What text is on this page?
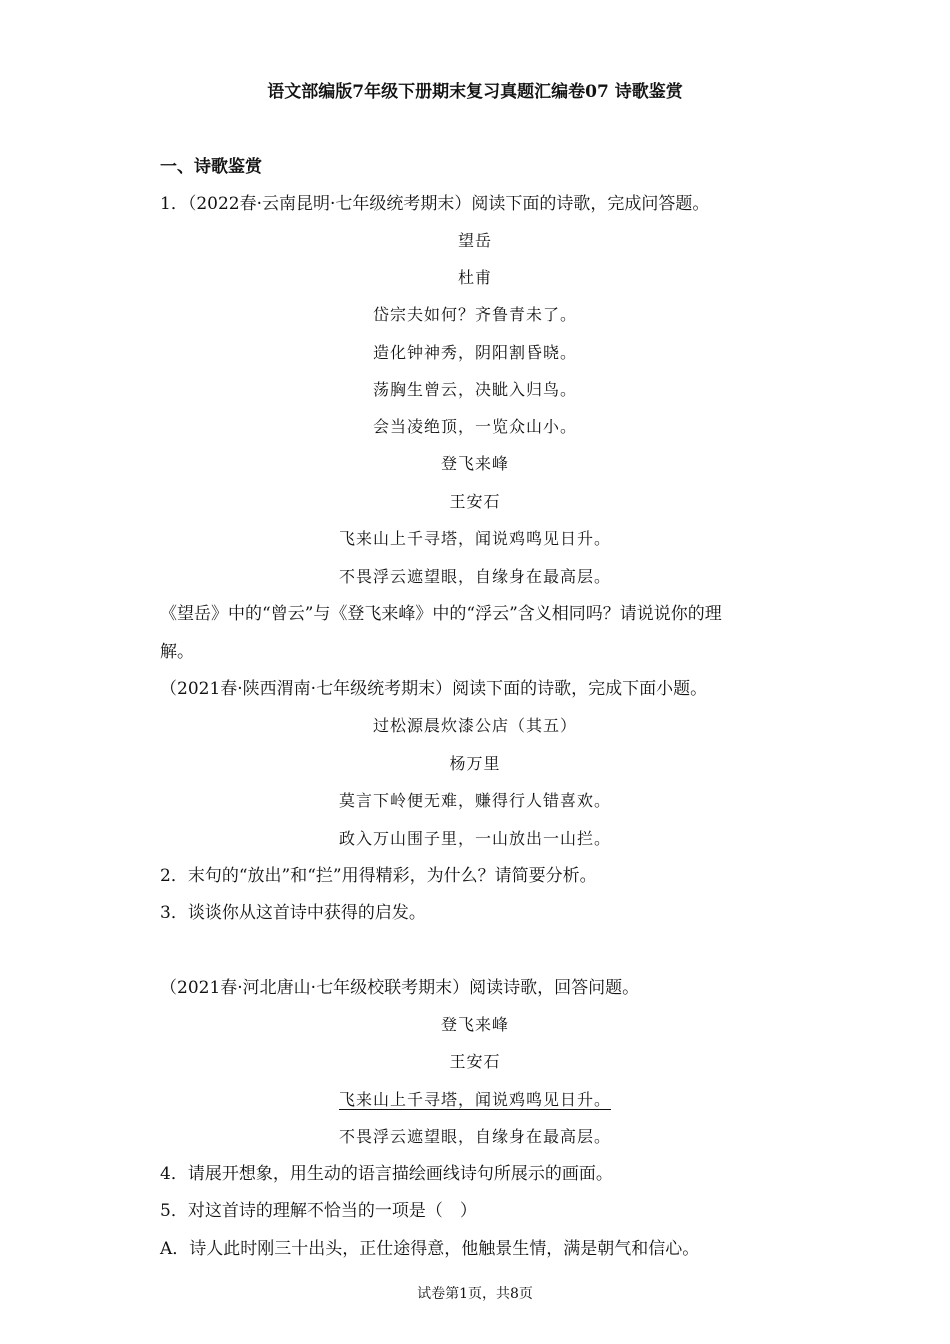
语文部编版7年级下册期末复习真题汇编卷07 诗歌鉴赏
一、诗歌鉴赏
1．（2022春·云南昆明·七年级统考期末）阅读下面的诗歌，完成问答题。
望岳
杜甫
岱宗夫如何？齐鲁青未了。
造化钟神秀，阴阳割昏晓。
荡胸生曾云，决眦入归鸟。
会当凌绝顶，一览众山小。
登飞来峰
王安石
飞来山上千寻塔，闻说鸡鸣见日升。
不畏浮云遮望眼，自缘身在最高层。
《望岳》中的“曾云”与《登飞来峰》中的“浮云”含义相同吗？请说说你的理
解。
（2021春·陕西渭南·七年级统考期末）阅读下面的诗歌，完成下面小题。
过松源晨炊漆公店（其五）
杨万里
莫言下岭便无难，赚得行人错喜欢。
政入万山围子里，一山放出一山拦。
2．末句的“放出”和“拦”用得精彩，为什么？请简要分析。
3．谈谈你从这首诗中获得的启发。
（2021春·河北唐山·七年级校联考期末）阅读诗歌，回答问题。
登飞来峰
王安石
飞来山上千寻塔，闻说鸡鸣见日升。
不畏浮云遮望眼，自缘身在最高层。
4．请展开想象，用生动的语言描绘画线诗句所展示的画面。
5．对这首诗的理解不恰当的一项是（　）
A．诗人此时刚三十出头，正仕途得意，他触景生情，满是朝气和信心。
试卷第1页，共8页
